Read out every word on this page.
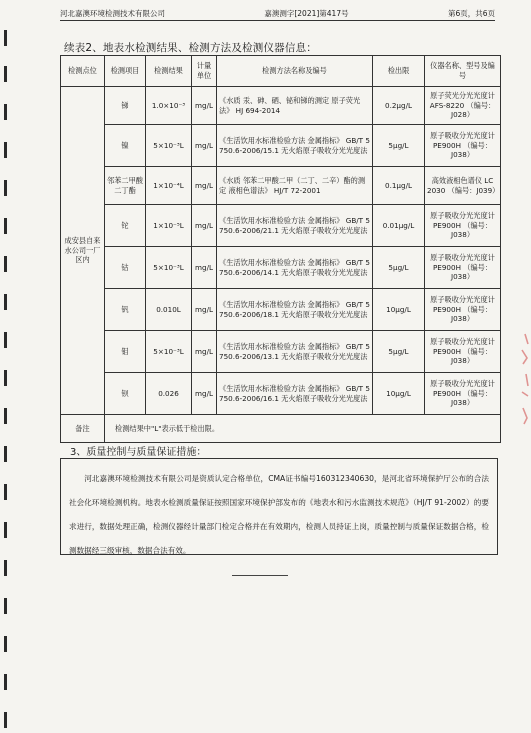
河北嘉澳环境检测技术有限公司	嘉澳测字[2021]第417号	第6页，共6页
续表2、地表水检测结果、检测方法及检测仪器信息：
检测点位	检测项目	检测结果	计量单位	检测方法名称及编号	检出限	仪器名称、型号及编号
成安县自来水公司一厂区内	锑	1.0×10⁻³	mg/L	《水质 汞、砷、硒、铋和锑的测定 原子荧光法》 HJ 694-2014	0.2μg/L	原子荧光分光光度计 AFS-8220 （编号：J028）
	镍	5×10⁻³L	mg/L	《生活饮用水标准检验方法 金属指标》 GB/T 5750.6-2006/15.1 无火焰原子吸收分光光度法	5μg/L	原子吸收分光光度计 PE900H （编号：J038）
	邻苯二甲酸二丁酯	1×10⁻⁴L	mg/L	《水质 邻苯二甲酸二甲（二丁、二辛）酯的测定 液相色谱法》 HJ/T 72-2001	0.1μg/L	高效液相色谱仪 LC 2030 （编号：J039）
	铊	1×10⁻⁵L	mg/L	《生活饮用水标准检验方法 金属指标》 GB/T 5750.6-2006/21.1 无火焰原子吸收分光光度法	0.01μg/L	原子吸收分光光度计 PE900H （编号：J038）
	钴	5×10⁻³L	mg/L	《生活饮用水标准检验方法 金属指标》 GB/T 5750.6-2006/14.1 无火焰原子吸收分光光度法	5μg/L	原子吸收分光光度计 PE900H （编号：J038）
	钒	0.010L	mg/L	《生活饮用水标准检验方法 金属指标》 GB/T 5750.6-2006/18.1 无火焰原子吸收分光光度法	10μg/L	原子吸收分光光度计 PE900H （编号：J038）
	钼	5×10⁻³L	mg/L	《生活饮用水标准检验方法 金属指标》 GB/T 5750.6-2006/13.1 无火焰原子吸收分光光度法	5μg/L	原子吸收分光光度计 PE900H （编号：J038）
	钡	0.026	mg/L	《生活饮用水标准检验方法 金属指标》 GB/T 5750.6-2006/16.1 无火焰原子吸收分光光度法	10μg/L	原子吸收分光光度计 PE900H （编号：J038）
备注	检测结果中"L"表示低于检出限。					
3、质量控制与质量保证措施：
河北嘉澳环境检测技术有限公司是资质认定合格单位，CMA证书编号160312340630，是河北省环境保护厅公布的合法社会化环境检测机构。地表水检测质量保证按照国家环境保护部发布的《地表水和污水监测技术规范》（HJ/T 91-2002）的要求进行，数据处理正确，检测仪器经计量部门检定合格并在有效期内，检测人员持证上岗，质量控制与质量保证数据合格，检测数据经三级审核，数据合法有效。
